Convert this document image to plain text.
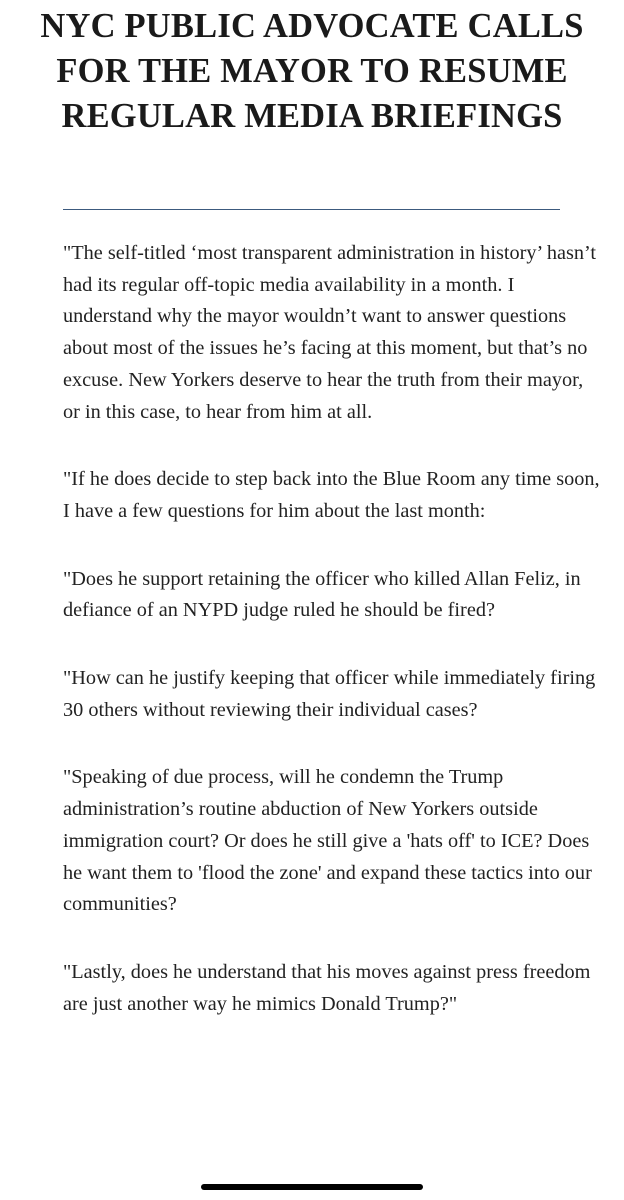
NYC PUBLIC ADVOCATE CALLS FOR THE MAYOR TO RESUME REGULAR MEDIA BRIEFINGS

"The self-titled ‘most transparent administration in history’ hasn’t had its regular off-topic media availability in a month. I understand why the mayor wouldn’t want to answer questions about most of the issues he’s facing at this moment, but that’s no excuse. New Yorkers deserve to hear the truth from their mayor, or in this case, to hear from him at all.

"If he does decide to step back into the Blue Room any time soon, I have a few questions for him about the last month:

"Does he support retaining the officer who killed Allan Feliz, in defiance of an NYPD judge ruled he should be fired?

"How can he justify keeping that officer while immediately firing 30 others without reviewing their individual cases?

"Speaking of due process, will he condemn the Trump administration’s routine abduction of New Yorkers outside immigration court? Or does he still give a 'hats off' to ICE? Does he want them to 'flood the zone' and expand these tactics into our communities?

"Lastly, does he understand that his moves against press freedom are just another way he mimics Donald Trump?"
